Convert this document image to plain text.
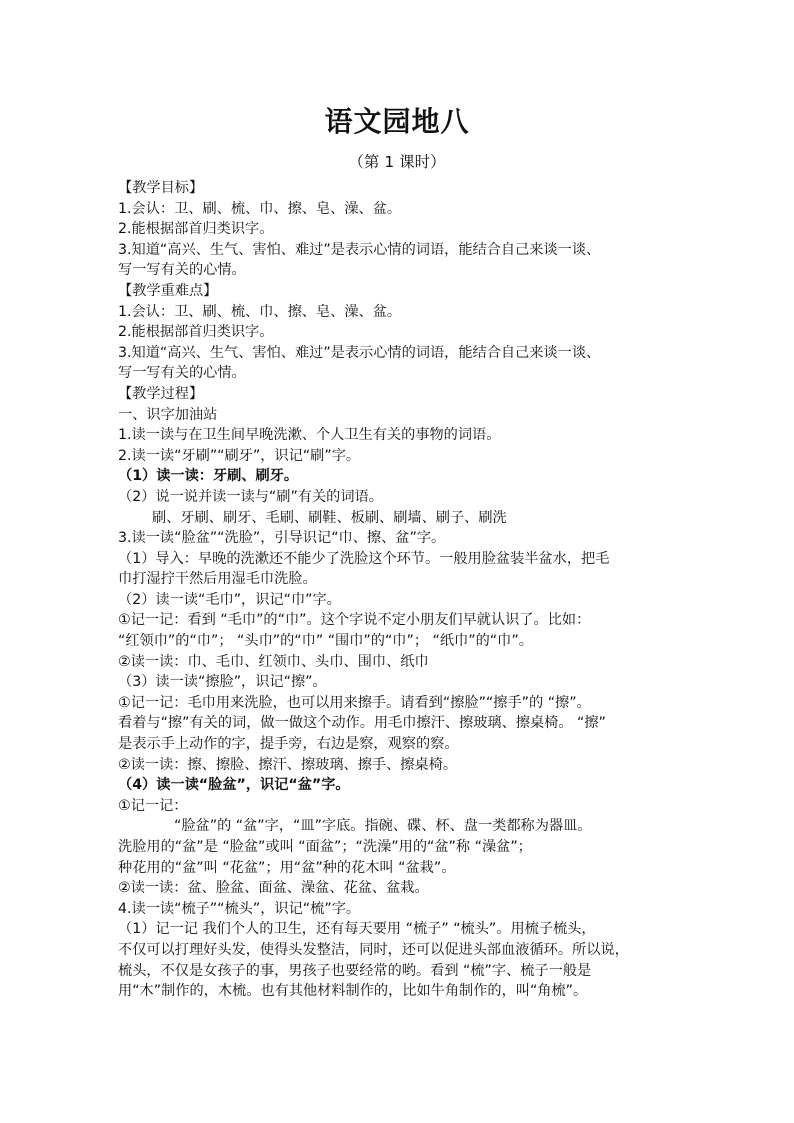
语文园地八
（第 1 课时）
【教学目标】
1.会认：卫、刷、梳、巾、擦、皂、澡、盆。
2.能根据部首归类识字。
3.知道“高兴、生气、害怕、难过”是表示心情的词语，能结合自己来谈一谈、
写一写有关的心情。
【教学重难点】
1.会认：卫、刷、梳、巾、擦、皂、澡、盆。
2.能根据部首归类识字。
3.知道“高兴、生气、害怕、难过”是表示心情的词语，能结合自己来谈一谈、
写一写有关的心情。
【教学过程】
一、识字加油站
1.读一读与在卫生间早晚洗漱、个人卫生有关的事物的词语。
2.读一读“牙刷”“刷牙”，识记“刷”字。
（1）读一读：牙刷、刷牙。
（2）说一说并读一读与“刷”有关的词语。
刷、牙刷、刷牙、毛刷、刷鞋、板刷、刷墙、刷子、刷洗
3.读一读“脸盆”“洗脸”，引导识记“巾、擦、盆”字。
（1）导入：早晚的洗漱还不能少了洗脸这个环节。一般用脸盆装半盆水，把毛
巾打湿拧干然后用湿毛巾洗脸。
（2）读一读“毛巾”，识记“巾”字。
①记一记：看到 “毛巾”的“巾”。这个字说不定小朋友们早就认识了。比如：
“红领巾”的“巾”； “头巾”的“巾” “围巾”的“巾”； “纸巾”的“巾”。
②读一读：巾、毛巾、红领巾、头巾、围巾、纸巾
（3）读一读“擦脸”，识记“擦”。
①记一记：毛巾用来洗脸，也可以用来擦手。请看到“擦脸”“擦手”的 “擦”。
看着与“擦”有关的词，做一做这个动作。用毛巾擦汗、擦玻璃、擦桌椅。 “擦”
是表示手上动作的字，提手旁，右边是察，观察的察。
②读一读：擦、擦脸、擦汗、擦玻璃、擦手、擦桌椅。
（4）读一读“脸盆”，识记“盆”字。
①记一记：
“脸盆”的 “盆”字，“皿”字底。指碗、碟、杯、盘一类都称为器皿。
洗脸用的“盆”是 “脸盆”或叫 “面盆”；“洗澡”用的“盆”称 “澡盆”；
种花用的“盆”叫 “花盆”；用“盆”种的花木叫 “盆栽”。
②读一读：盆、脸盆、面盆、澡盆、花盆、盆栽。
4.读一读“梳子”“梳头”，识记“梳”字。
（1）记一记 我们个人的卫生，还有每天要用 “梳子” “梳头”。用梳子梳头，
不仅可以打理好头发，使得头发整洁，同时，还可以促进头部血液循环。所以说，
梳头，不仅是女孩子的事，男孩子也要经常的哟。看到 “梳”字、梳子一般是
用“木”制作的，木梳。也有其他材料制作的，比如牛角制作的，叫“角梳”。
